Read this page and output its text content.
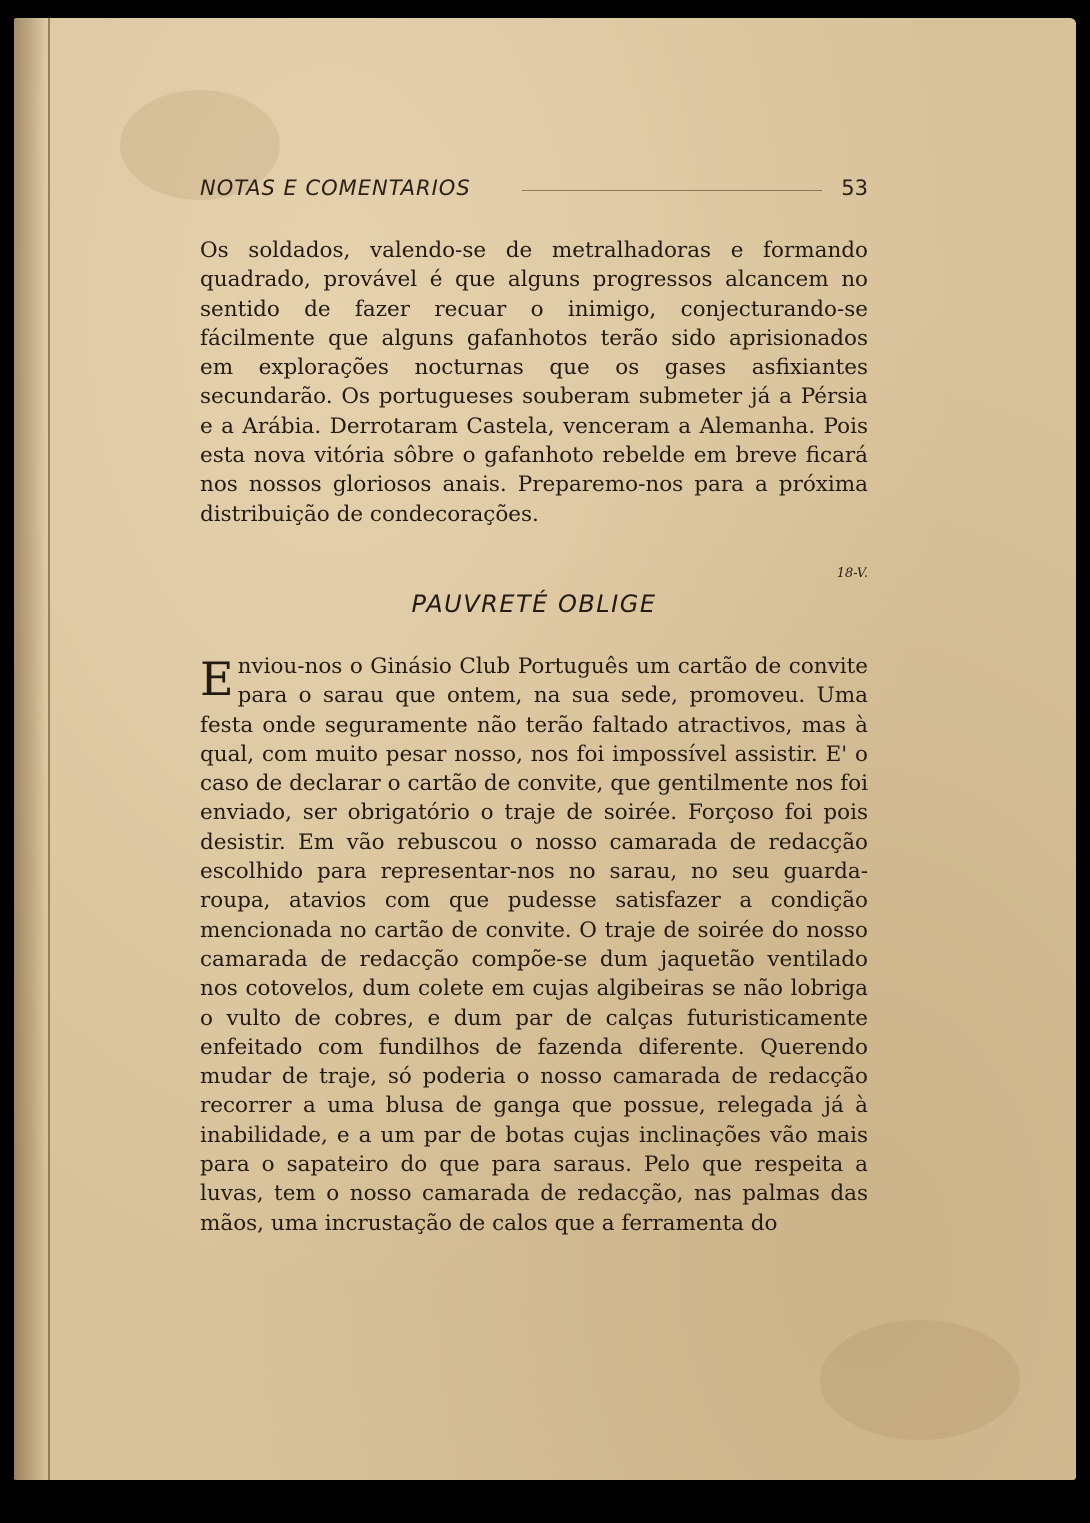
NOTAS E COMENTARIOS	53

Os soldados, valendo-se de metralhadoras e formando quadrado, provável é que alguns progressos alcancem no sentido de fazer recuar o inimigo, conjecturando-se fácilmente que alguns gafanhotos terão sido aprisionados em explorações nocturnas que os gases asfixiantes secundarão. Os portugueses souberam submeter já a Pérsia e a Arábia. Derrotaram Castela, venceram a Alemanha. Pois esta nova vitória sôbre o gafanhoto rebelde em breve ficará nos nossos gloriosos anais. Preparemo-nos para a próxima distribuição de condecorações.

18-V.
PAUVRETÉ OBLIGE
E nviou-nos o Ginásio Club Português um cartão de convite para o sarau que ontem, na sua sede, promoveu. Uma festa onde seguramente não terão faltado atractivos, mas à qual, com muito pesar nosso, nos foi impossível assistir. E' o caso de declarar o cartão de convite, que gentilmente nos foi enviado, ser obrigatório o traje de soirée. Forçoso foi pois desistir. Em vão rebuscou o nosso camarada de redacção escolhido para representar-nos no sarau, no seu guarda-roupa, atavios com que pudesse satisfazer a condição mencionada no cartão de convite. O traje de soirée do nosso camarada de redacção compõe-se dum jaquetão ventilado nos cotovelos, dum colete em cujas algibeiras se não lobriga o vulto de cobres, e dum par de calças futuristicamente enfeitado com fundilhos de fazenda diferente. Querendo mudar de traje, só poderia o nosso camarada de redacção recorrer a uma blusa de ganga que possue, relegada já à inabilidade, e a um par de botas cujas inclinações vão mais para o sapateiro do que para saraus. Pelo que respeita a luvas, tem o nosso camarada de redacção, nas palmas das mãos, uma incrustação de calos que a ferramenta do
